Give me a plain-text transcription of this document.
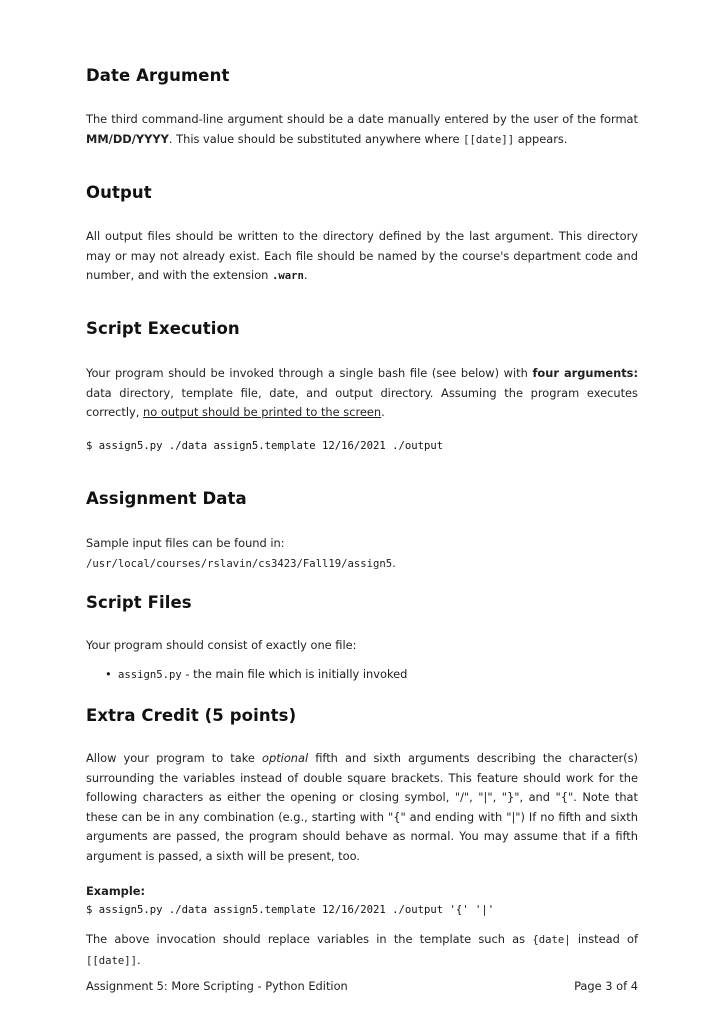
Date Argument

The third command-line argument should be a date manually entered by the user of the format MM/DD/YYYY. This value should be substituted anywhere where [[date]] appears.

Output

All output files should be written to the directory defined by the last argument. This directory may or may not already exist. Each file should be named by the course's department code and number, and with the extension .warn.

Script Execution

Your program should be invoked through a single bash file (see below) with four arguments: data directory, template file, date, and output directory. Assuming the program executes correctly, no output should be printed to the screen.

$ assign5.py ./data assign5.template 12/16/2021 ./output
Assignment Data

Sample input files can be found in:
/usr/local/courses/rslavin/cs3423/Fall19/assign5.

Script Files

Your program should consist of exactly one file:

• assign5.py - the main file which is initially invoked
Extra Credit (5 points)

Allow your program to take optional fifth and sixth arguments describing the character(s) surrounding the variables instead of double square brackets. This feature should work for the following characters as either the opening or closing symbol, "/", "|", "}", and "{". Note that these can be in any combination (e.g., starting with "{" and ending with "|") If no fifth and sixth arguments are passed, the program should behave as normal. You may assume that if a fifth argument is passed, a sixth will be present, too.

Example:
$ assign5.py ./data assign5.template 12/16/2021 ./output '{' '|'

The above invocation should replace variables in the template such as {date| instead of [[date]].

Assignment 5: More Scripting - Python Edition	Page 3 of 4
